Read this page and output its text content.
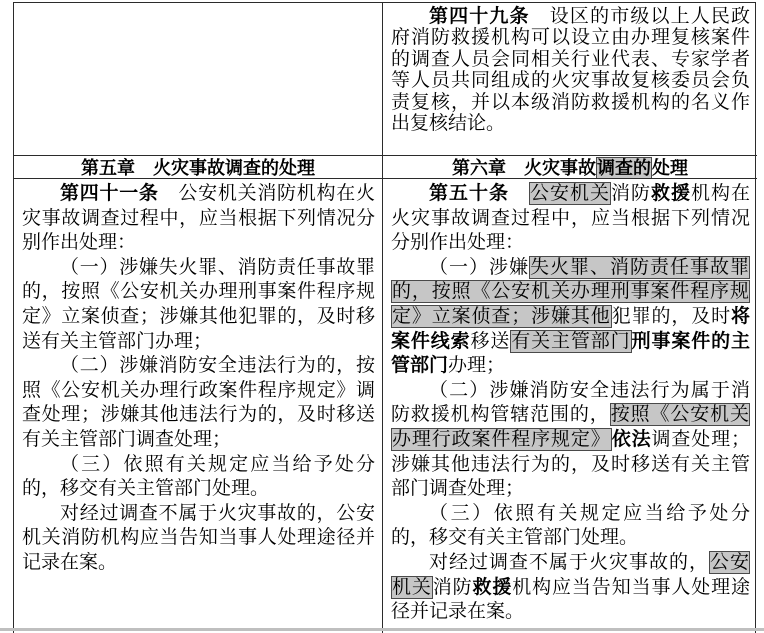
第四十九条　设区的市级以上人民政府消防救援机构可以设立由办理复核案件的调查人员会同相关行业代表、专家学者等人员共同组成的火灾事故复核委员会负责复核，并以本级消防救援机构的名义作出复核结论。

第五章　火灾事故调查的处理	第六章　火灾事故调查的处理

第四十一条　公安机关消防机构在火灾事故调查过程中，应当根据下列情况分别作出处理：

（一）涉嫌失火罪、消防责任事故罪的，按照《公安机关办理刑事案件程序规定》立案侦查；涉嫌其他犯罪的，及时移送有关主管部门办理；

（二）涉嫌消防安全违法行为的，按照《公安机关办理行政案件程序规定》调查处理；涉嫌其他违法行为的，及时移送有关主管部门调查处理；

（三）依照有关规定应当给予处分的，移交有关主管部门处理。

对经过调查不属于火灾事故的，公安机关消防机构应当告知当事人处理途径并记录在案。

第五十条　 公安机关消防救援机构在火灾事故调查过程中，应当根据下列情况分别作出处理：

（一）涉嫌失火罪、消防责任事故罪的，按照《公安机关办理刑事案件程序规定》立案侦查；涉嫌其他犯罪的，及时将案件线索移送有关主管部门刑事案件的主管部门办理；

（二）涉嫌消防安全违法行为属于消防救援机构管辖范围的，按照《公安机关办理行政案件程序规定》依法调查处理；涉嫌其他违法行为的，及时移送有关主管部门调查处理；

（三）依照有关规定应当给予处分的，移交有关主管部门处理。

对经过调查不属于火灾事故的，公安机关消防救援机构应当告知当事人处理途径并记录在案。
